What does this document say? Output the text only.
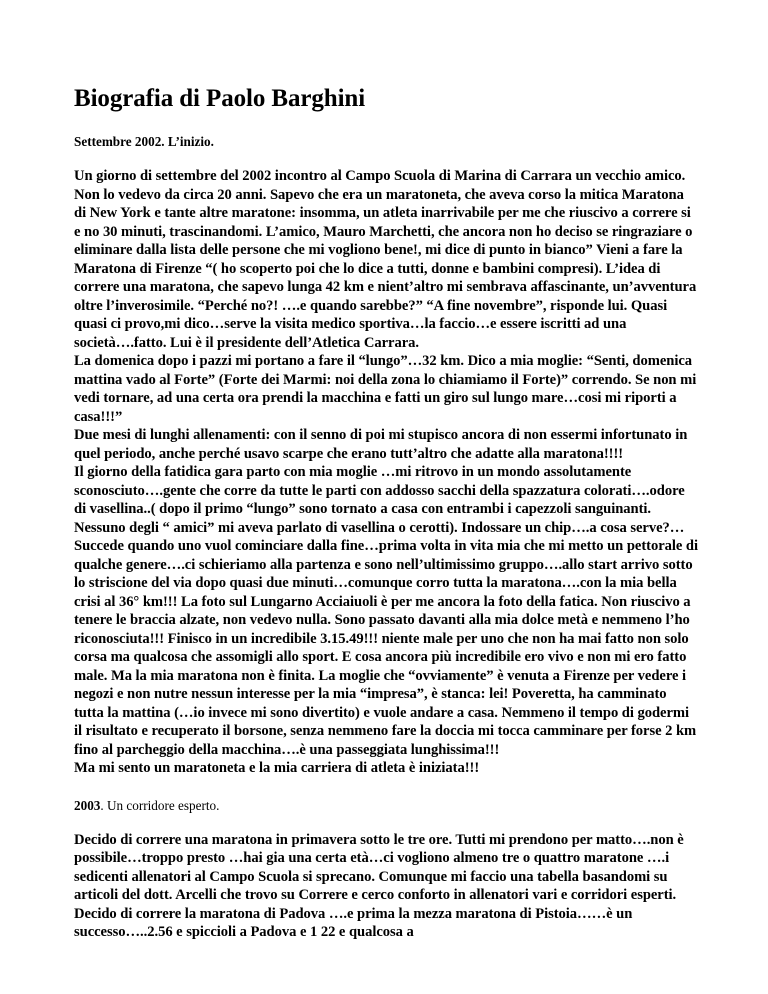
Biografia di Paolo Barghini

Settembre 2002. L’inizio.

Un giorno di settembre del 2002 incontro al Campo Scuola di Marina di Carrara un vecchio amico. Non lo vedevo da circa 20 anni. Sapevo che era un maratoneta, che aveva corso la mitica Maratona di New York e tante altre maratone: insomma, un atleta inarrivabile per me che riuscivo a correre si e no 30 minuti, trascinandomi. L’amico, Mauro Marchetti, che ancora non ho deciso se ringraziare o eliminare dalla lista delle persone che mi vogliono bene!, mi dice di punto in bianco” Vieni a fare la Maratona di Firenze “( ho scoperto poi che lo dice a tutti, donne e bambini compresi). L’idea di correre una maratona, che sapevo lunga 42 km e nient’altro mi sembrava affascinante, un’avventura oltre l’inverosimile. “Perché no?! ….e quando sarebbe?” “A fine novembre”, risponde lui. Quasi quasi ci provo,mi dico…serve la visita medico sportiva…la faccio…e essere iscritti ad una società….fatto. Lui è il presidente dell’Atletica Carrara.
La domenica dopo i pazzi mi portano a fare il “lungo”…32 km. Dico a mia moglie: “Senti, domenica mattina vado al Forte” (Forte dei Marmi: noi della zona lo chiamiamo il Forte)” correndo. Se non mi vedi tornare, ad una certa ora prendi la macchina e fatti un giro sul lungo mare…cosi mi riporti a casa!!!”
Due mesi di lunghi allenamenti: con il senno di poi mi stupisco ancora di non essermi infortunato in quel periodo, anche perché usavo scarpe che erano tutt’altro che adatte alla maratona!!!!
Il giorno della fatidica gara parto con mia moglie …mi ritrovo in un mondo assolutamente sconosciuto….gente che corre da tutte le parti con addosso sacchi della spazzatura colorati….odore di vasellina..( dopo il primo “lungo” sono tornato a casa con entrambi i capezzoli sanguinanti. Nessuno degli “ amici” mi aveva parlato di vasellina o cerotti). Indossare un chip….a cosa serve?…Succede quando uno vuol cominciare dalla fine…prima volta in vita mia che mi metto un pettorale di qualche genere….ci schieriamo alla partenza e sono nell’ultimissimo gruppo….allo start arrivo sotto lo striscione del via dopo quasi due minuti…comunque corro tutta la maratona….con la mia bella crisi al 36° km!!! La foto sul Lungarno Acciaiuoli è per me ancora la foto della fatica. Non riuscivo a tenere le braccia alzate, non vedevo nulla. Sono passato davanti alla mia dolce metà e nemmeno l’ho riconosciuta!!! Finisco in un incredibile 3.15.49!!! niente male per uno che non ha mai fatto non solo corsa ma qualcosa che assomigli allo sport. E cosa ancora più incredibile ero vivo e non mi ero fatto male. Ma la mia maratona non è finita. La moglie che “ovviamente” è venuta a Firenze per vedere i negozi e non nutre nessun interesse per la mia “impresa”, è stanca: lei! Poveretta, ha camminato tutta la mattina (…io invece mi sono divertito) e vuole andare a casa. Nemmeno il tempo di godermi il risultato e recuperato il borsone, senza nemmeno fare la doccia mi tocca camminare per forse 2 km fino al parcheggio della macchina….è una passeggiata lunghissima!!!
Ma mi sento un maratoneta e la mia carriera di atleta è iniziata!!!

2003. Un corridore esperto.

Decido di correre una maratona in primavera sotto le tre ore. Tutti mi prendono per matto….non è possibile…troppo presto …hai gia una certa età…ci vogliono almeno tre o quattro maratone ….i sedicenti allenatori al Campo Scuola si sprecano. Comunque mi faccio una tabella basandomi su articoli del dott. Arcelli che trovo su Correre e cerco conforto in allenatori vari e corridori esperti. Decido di correre la maratona di Padova ….e prima la mezza maratona di Pistoia……è un successo…..2.56 e spiccioli a Padova e 1 22 e qualcosa a
